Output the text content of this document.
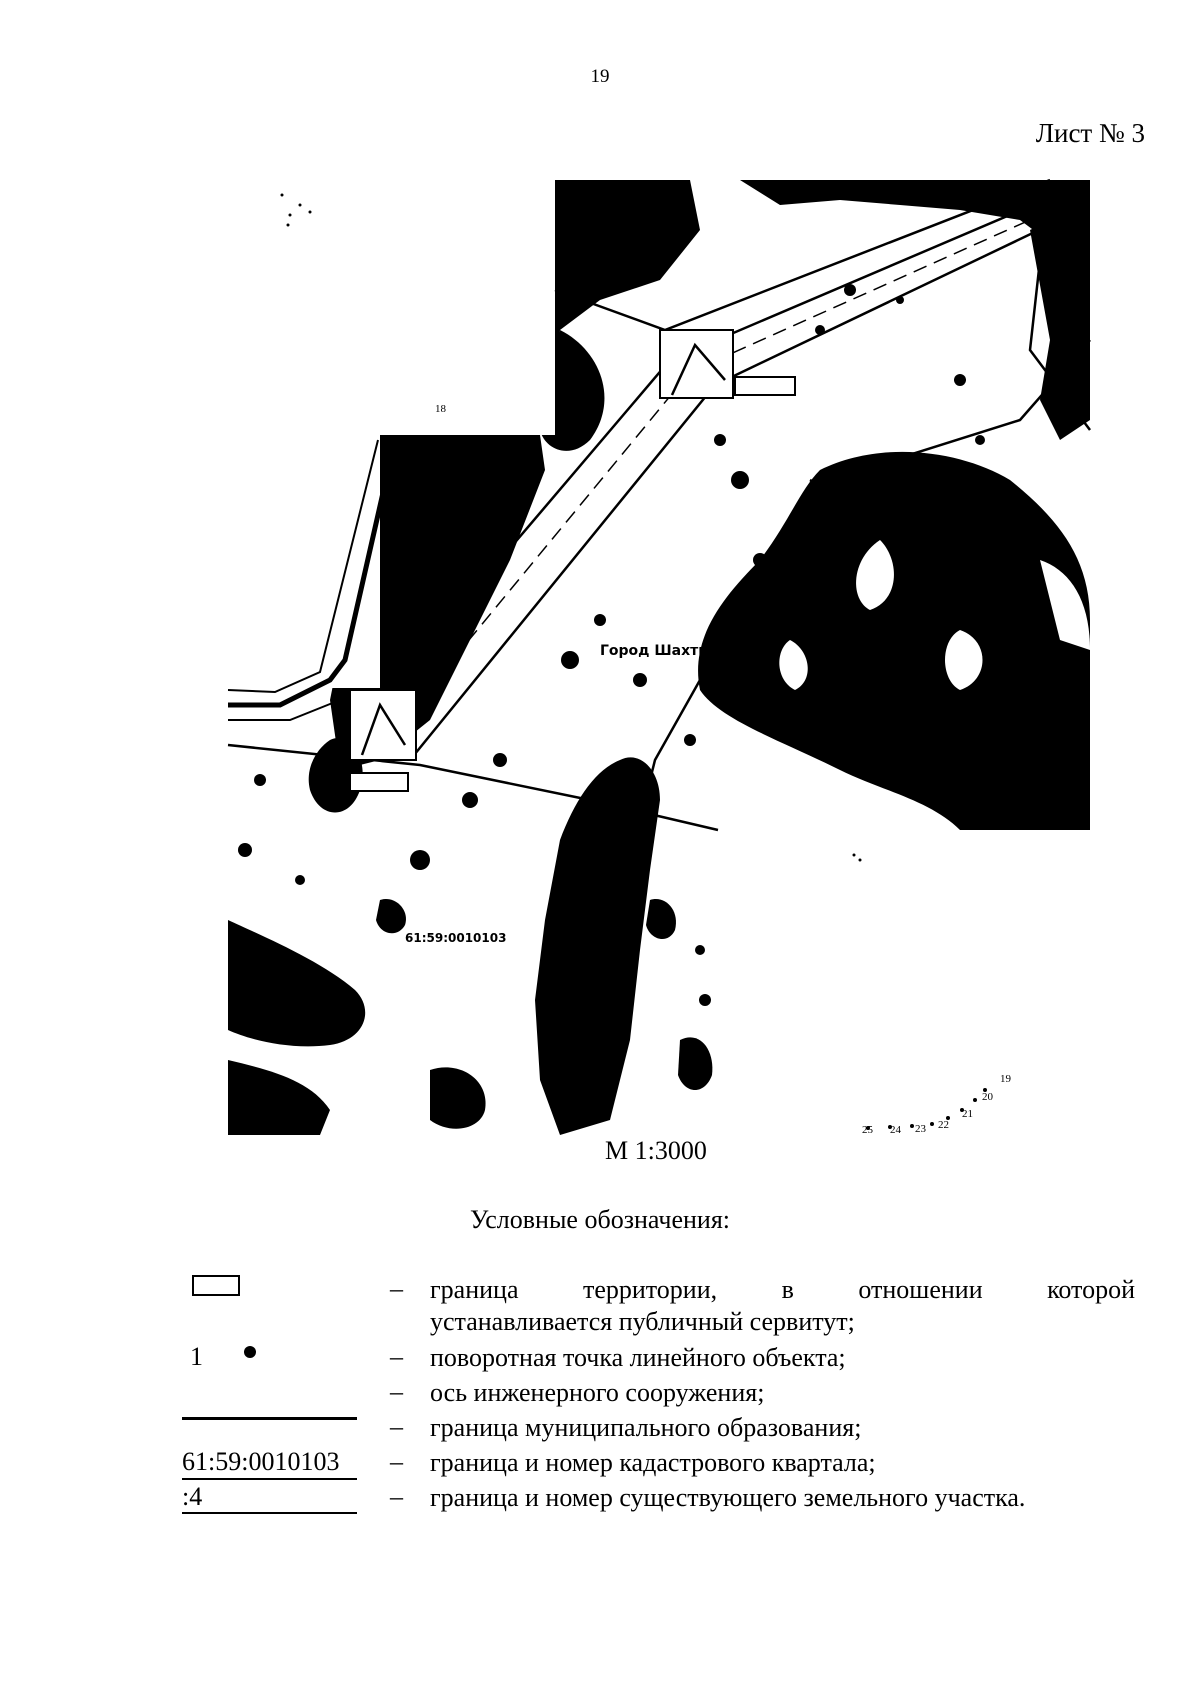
19
Лист № 3
Город Шахты
61:59:0010103
18
19
20
21
22
23
24
25
М 1:3000
Условные обозначения:
– граница территории, в отношении которой
устанавливается публичный сервитут;
1	– поворотная точка линейного объекта;
– ось инженерного сооружения;
– граница муниципального образования;
61:59:0010103 – граница и номер кадастрового квартала;
:4	– граница и номер существующего земельного участка.
